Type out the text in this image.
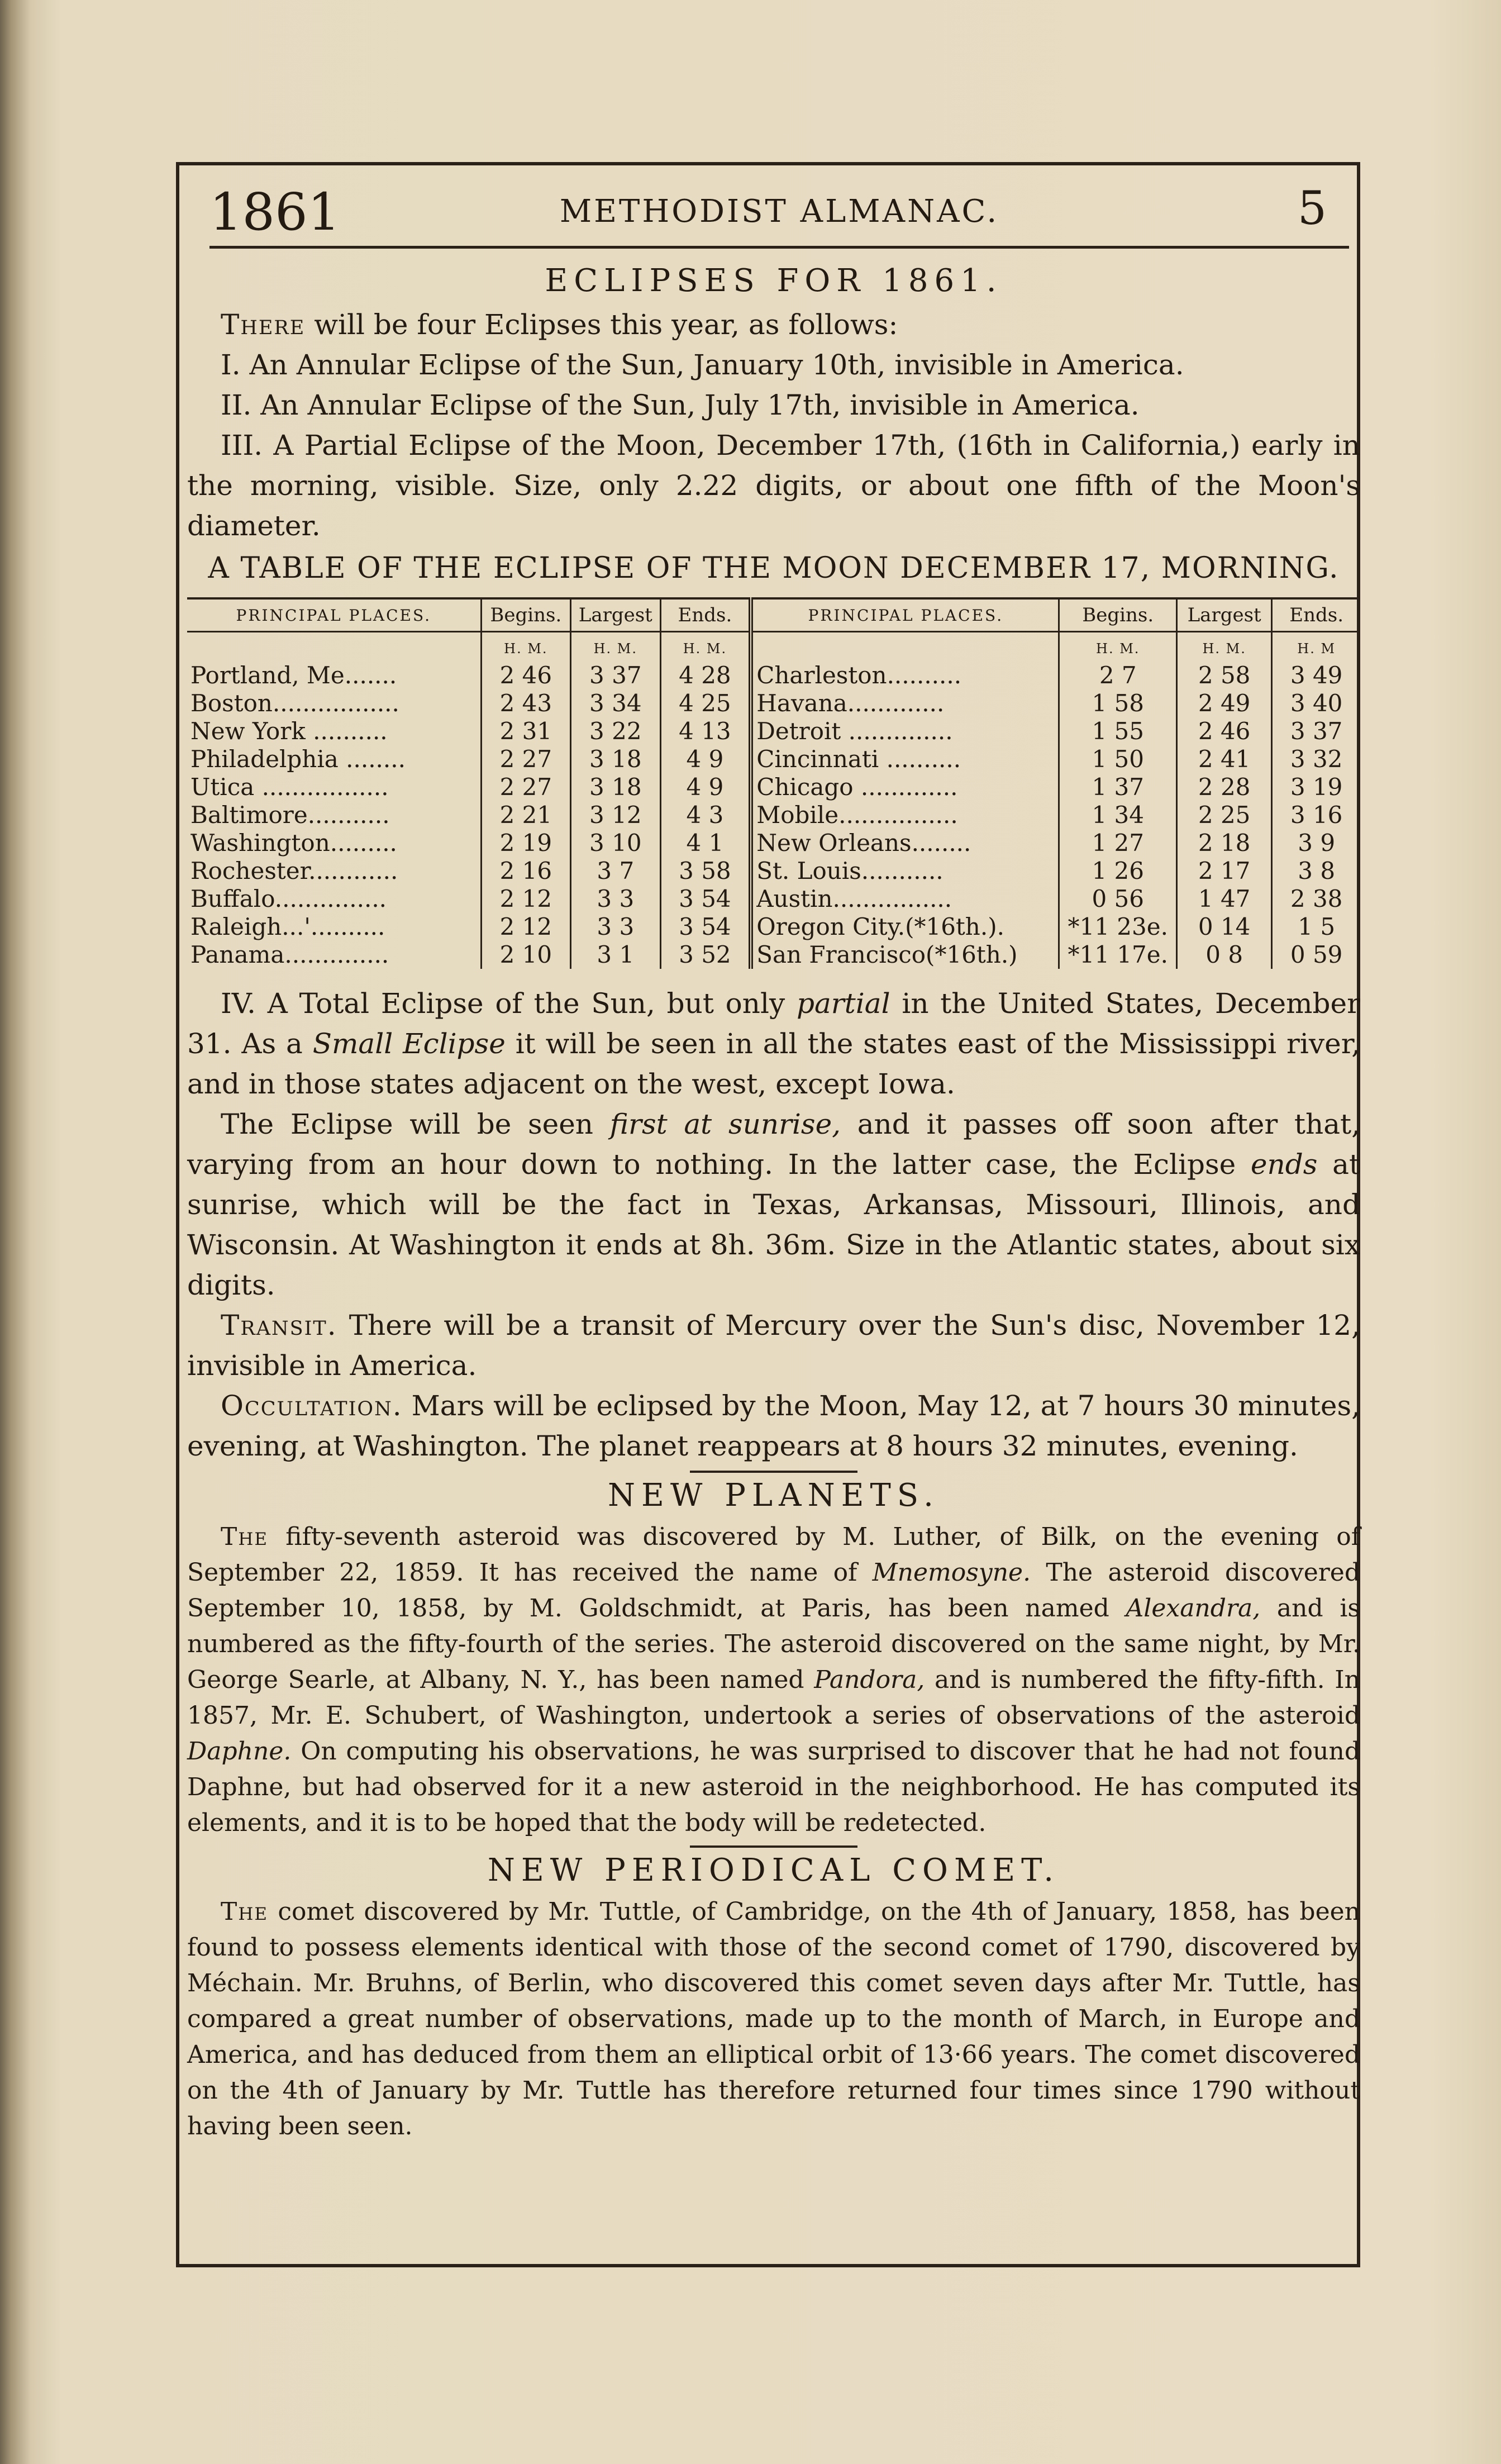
1861	METHODIST ALMANAC.	5
ECLIPSES FOR 1861.

There will be four Eclipses this year, as follows:

I. An Annular Eclipse of the Sun, January 10th, invisible in America.

II. An Annular Eclipse of the Sun, July 17th, invisible in America.

III. A Partial Eclipse of the Moon, December 17th, (16th in California,) early in the morning, visible. Size, only 2.22 digits, or about one fifth of the Moon's diameter.

A TABLE OF THE ECLIPSE OF THE MOON DECEMBER 17, MORNING.
PRINCIPAL PLACES.	Begins.	Largest	Ends.	PRINCIPAL PLACES.	Begins.	Largest	Ends.
	H. M.	H. M.	H. M.		H. M.	H. M.	H. M
Portland, Me.......	2 46	3 37	4 28	Charleston..........	2 7	2 58	3 49
Boston.................	2 43	3 34	4 25	Havana.............	1 58	2 49	3 40
New York ..........	2 31	3 22	4 13	Detroit ..............	1 55	2 46	3 37
Philadelphia ........	2 27	3 18	4 9	Cincinnati ..........	1 50	2 41	3 32
Utica .................	2 27	3 18	4 9	Chicago .............	1 37	2 28	3 19
Baltimore...........	2 21	3 12	4 3	Mobile................	1 34	2 25	3 16
Washington.........	2 19	3 10	4 1	New Orleans........	1 27	2 18	3 9
Rochester............	2 16	3 7	3 58	St. Louis...........	1 26	2 17	3 8
Buffalo...............	2 12	3 3	3 54	Austin................	0 56	1 47	2 38
Raleigh...'..........	2 12	3 3	3 54	Oregon City.(*16th.).	*11 23e.	0 14	1 5
Panama..............	2 10	3 1	3 52	San Francisco(*16th.)	*11 17e.	0 8	0 59

IV. A Total Eclipse of the Sun, but only partial in the United States, December 31. As a Small Eclipse it will be seen in all the states east of the Mississippi river, and in those states adjacent on the west, except Iowa.

The Eclipse will be seen first at sunrise, and it passes off soon after that, varying from an hour down to nothing. In the latter case, the Eclipse ends at sunrise, which will be the fact in Texas, Arkansas, Missouri, Illinois, and Wisconsin. At Washington it ends at 8h. 36m. Size in the Atlantic states, about six digits.

Transit. There will be a transit of Mercury over the Sun's disc, November 12, invisible in America.

Occultation. Mars will be eclipsed by the Moon, May 12, at 7 hours 30 minutes, evening, at Washington. The planet reappears at 8 hours 32 minutes, evening.

NEW PLANETS.

The fifty-seventh asteroid was discovered by M. Luther, of Bilk, on the evening of September 22, 1859. It has received the name of Mnemosyne. The asteroid discovered September 10, 1858, by M. Goldschmidt, at Paris, has been named Alexandra, and is numbered as the fifty-fourth of the series. The asteroid discovered on the same night, by Mr. George Searle, at Albany, N. Y., has been named Pandora, and is numbered the fifty-fifth. In 1857, Mr. E. Schubert, of Washington, undertook a series of observations of the asteroid Daphne. On computing his observations, he was surprised to discover that he had not found Daphne, but had observed for it a new asteroid in the neighborhood. He has computed its elements, and it is to be hoped that the body will be redetected.

NEW PERIODICAL COMET.

The comet discovered by Mr. Tuttle, of Cambridge, on the 4th of January, 1858, has been found to possess elements identical with those of the second comet of 1790, discovered by Méchain. Mr. Bruhns, of Berlin, who discovered this comet seven days after Mr. Tuttle, has compared a great number of observations, made up to the month of March, in Europe and America, and has deduced from them an elliptical orbit of 13·66 years. The comet discovered on the 4th of January by Mr. Tuttle has therefore returned four times since 1790 without having been seen.
